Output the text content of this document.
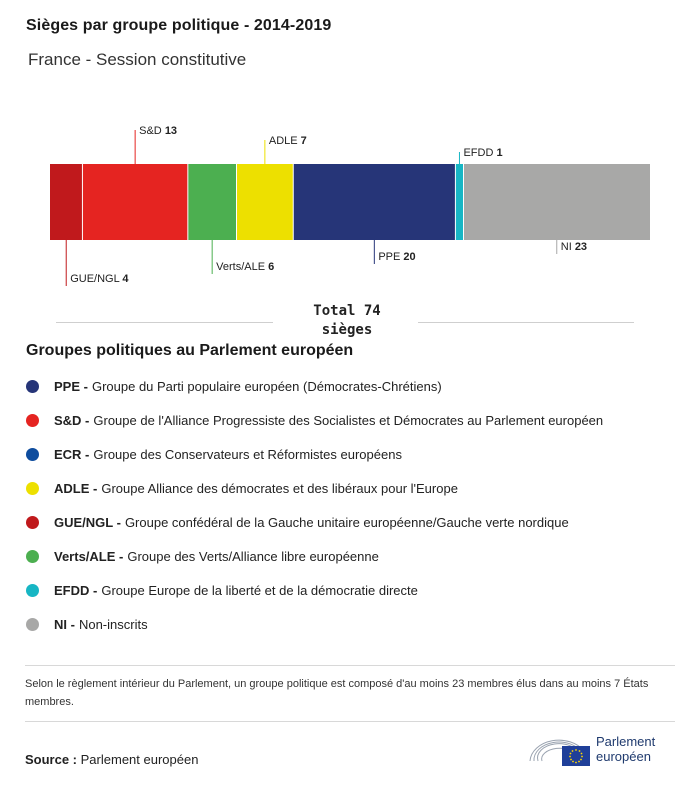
Sièges par groupe politique - 2014-2019
France - Session constitutive
GUE/NGL 4
S&D 13
Verts/ALE 6
ADLE 7
PPE 20
EFDD 1
NI 23
Total 74
sièges
Groupes politiques au Parlement européen
PPE - Groupe du Parti populaire européen (Démocrates-Chrétiens)
S&D - Groupe de l'Alliance Progressiste des Socialistes et Démocrates au Parlement européen
ECR - Groupe des Conservateurs et Réformistes européens
ADLE - Groupe Alliance des démocrates et des libéraux pour l'Europe
GUE/NGL - Groupe confédéral de la Gauche unitaire européenne/Gauche verte nordique
Verts/ALE - Groupe des Verts/Alliance libre européenne
EFDD - Groupe Europe de la liberté et de la démocratie directe
NI - Non-inscrits
Selon le règlement intérieur du Parlement, un groupe politique est composé d'au moins 23 membres élus dans au moins 7 États membres.
Source : Parlement européen
Parlement
européen
